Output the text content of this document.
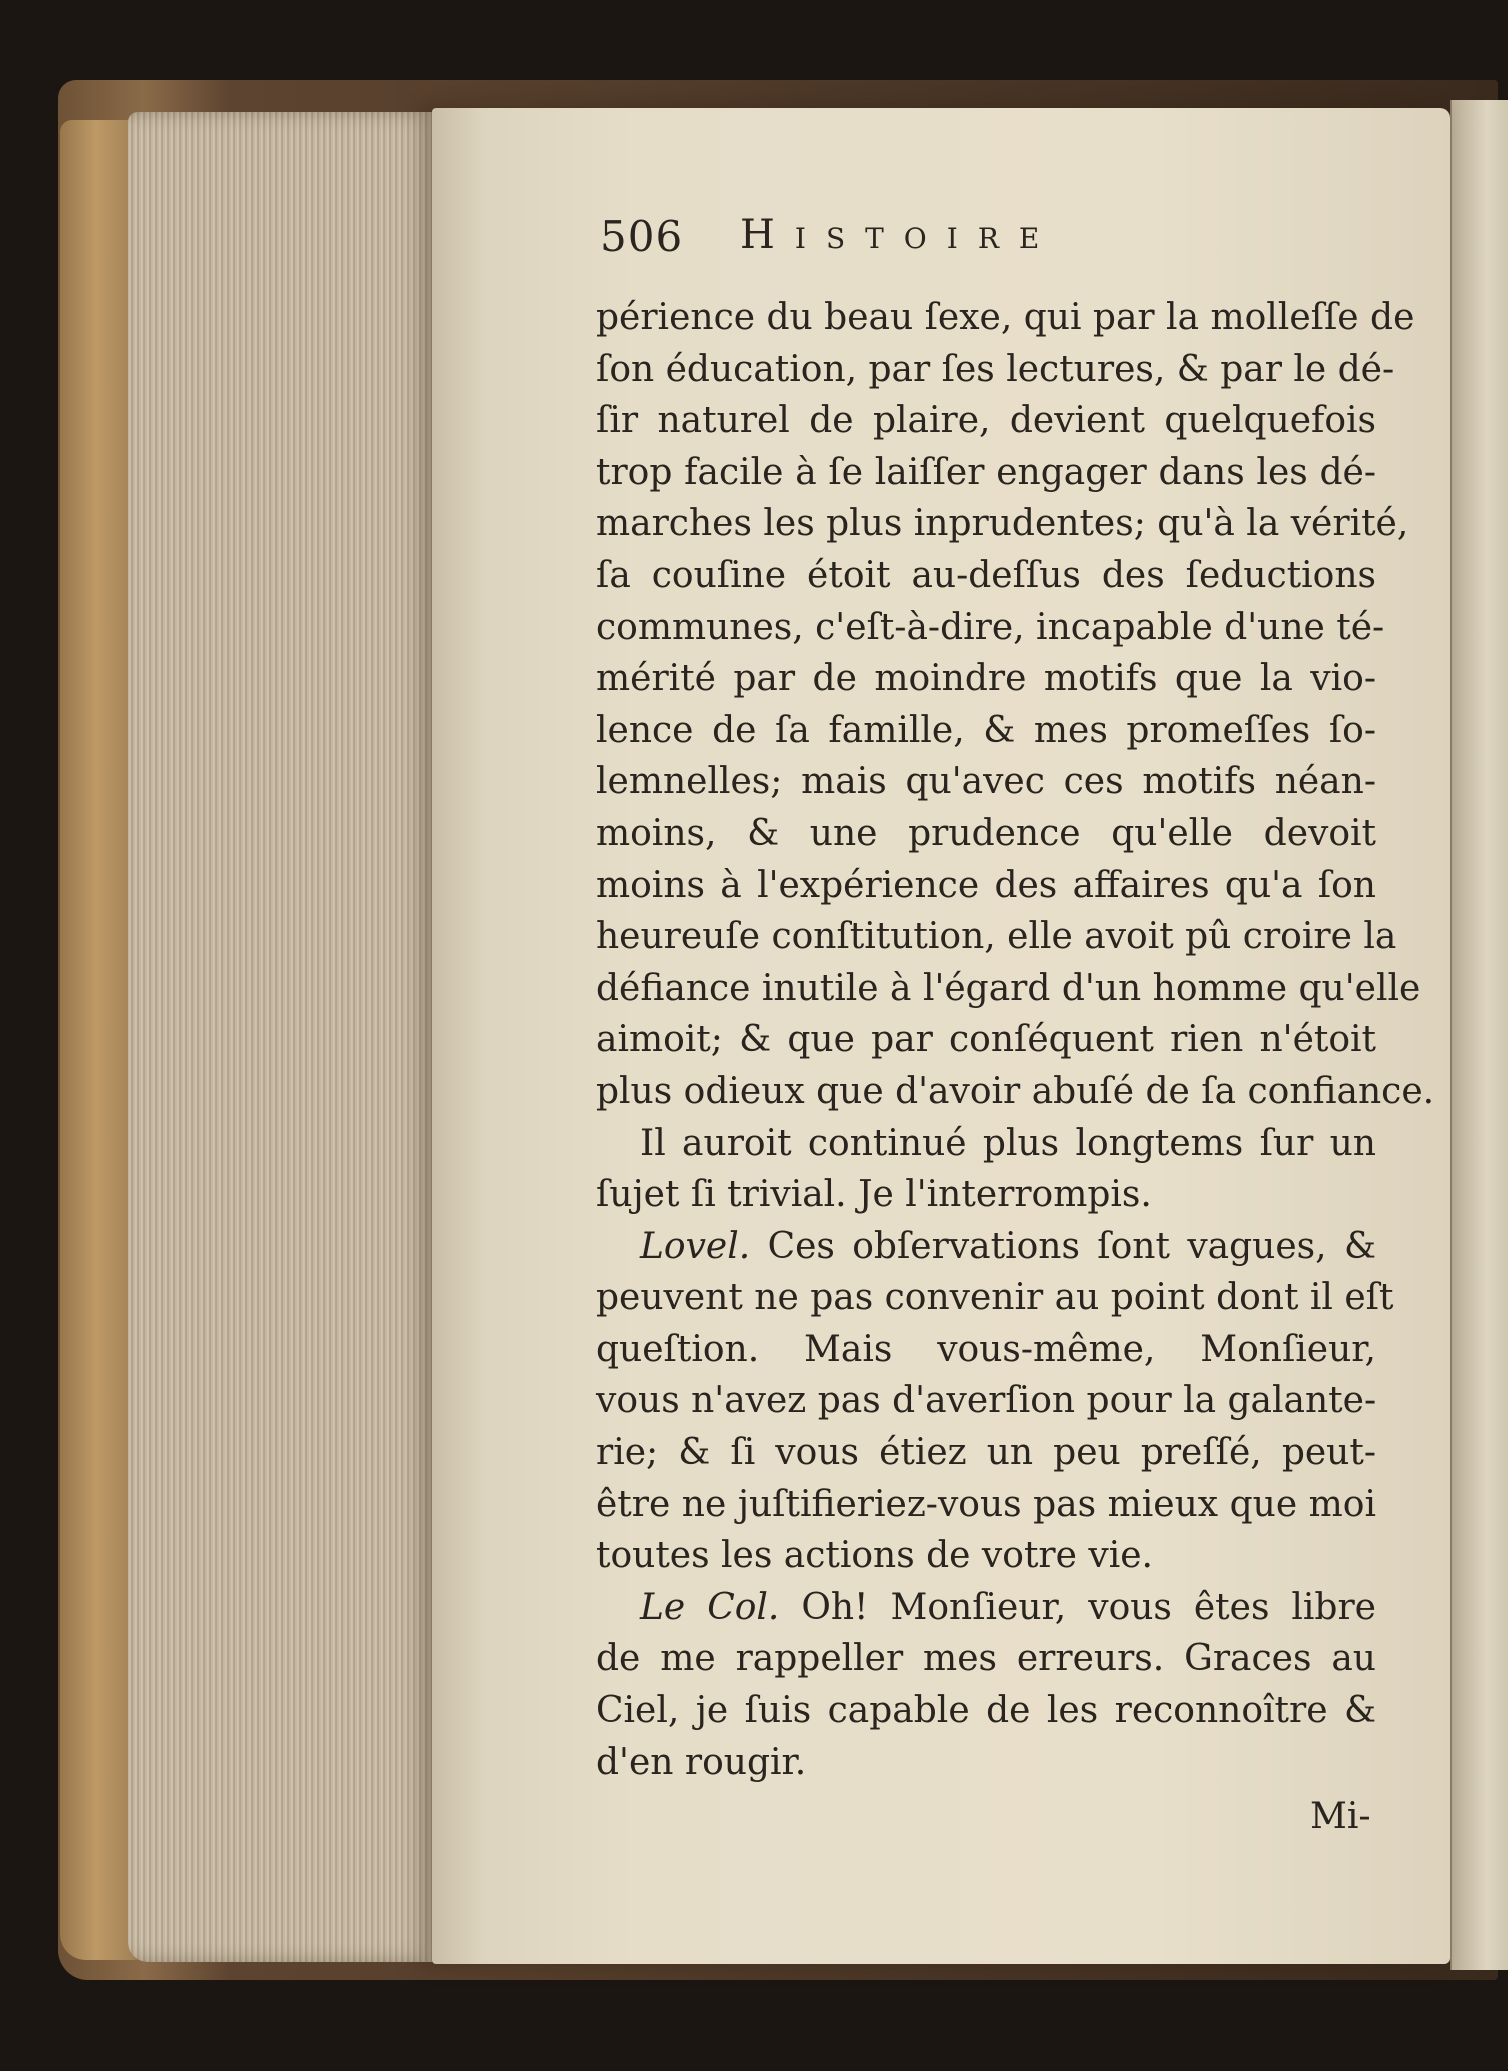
506 Histoire
périence du beau ſexe, qui par la molleſſe de
ſon éducation, par ſes lectures, & par le dé-
ſir naturel de plaire, devient quelquefois
trop facile à ſe laiſſer engager dans les dé-
marches les plus inprudentes; qu'à la vérité,
ſa couſine étoit au-deſſus des ſeductions
communes, c'eſt-à-dire, incapable d'une té-
mérité par de moindre motifs que la vio-
lence de ſa famille, & mes promeſſes ſo-
lemnelles; mais qu'avec ces motifs néan-
moins, & une prudence qu'elle devoit
moins à l'expérience des affaires qu'a ſon
heureuſe conſtitution, elle avoit pû croire la
défiance inutile à l'égard d'un homme qu'elle
aimoit; & que par conſéquent rien n'étoit
plus odieux que d'avoir abuſé de ſa confiance.
Il auroit continué plus longtems ſur un
ſujet ſi trivial. Je l'interrompis.
Lovel. Ces obſervations ſont vagues, &
peuvent ne pas convenir au point dont il eſt
queſtion. Mais vous-même, Monſieur,
vous n'avez pas d'averſion pour la galante-
rie; & ſi vous étiez un peu preſſé, peut-
être ne juſtifieriez-vous pas mieux que moi
toutes les actions de votre vie.
Le Col. Oh! Monſieur, vous êtes libre
de me rappeller mes erreurs. Graces au
Ciel, je ſuis capable de les reconnoître &
d'en rougir.
Mi-
